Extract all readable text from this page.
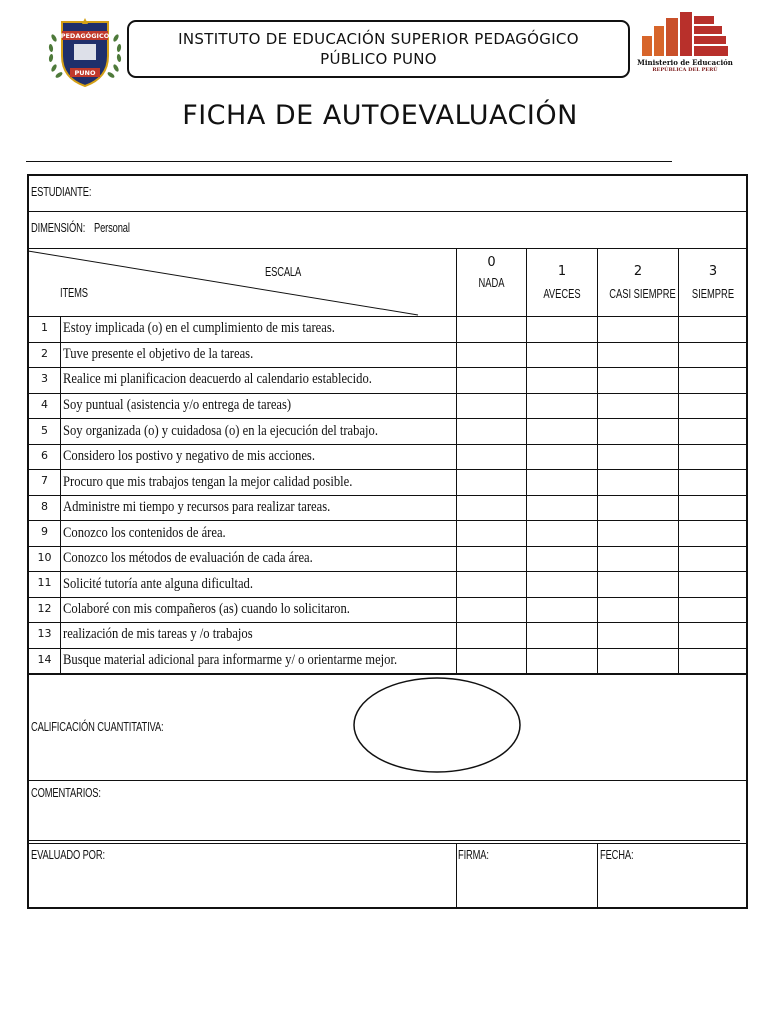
PEDAGÓGICO
PUNO
INSTITUTO DE EDUCACIÓN SUPERIOR PEDAGÓGICO
PÚBLICO PUNO	Ministerio de Educación
REPÚBLICA DEL PERÚ
FICHA DE AUTOEVALUACIÓN
ESTUDIANTE:
DIMENSIÓN: Personal
ESCALA
ITEMS
0
NADA
1
AVECES
2
CASI SIEMPRE
3
SIEMPRE
1	Estoy implicada (o) en el cumplimiento de mis tareas.
2	Tuve presente el objetivo de la tareas.
3	Realice mi planificacion deacuerdo al calendario establecido.
4	Soy puntual (asistencia y/o entrega de tareas)
5	Soy organizada (o) y cuidadosa (o) en la ejecución del trabajo.
6	Considero los postivo y negativo de mis acciones.
7	Procuro que mis trabajos tengan la mejor calidad posible.
8	Administre mi tiempo y recursos para realizar tareas.
9	Conozco los contenidos de área.
10 Conozco los métodos de evaluación de cada área.
11 Solicité tutoría ante alguna dificultad.
12 Colaboré con mis compañeros (as) cuando lo solicitaron.
13 realización de mis tareas y /o trabajos
14 Busque material adicional para informarme y/ o orientarme mejor.
CALIFICACIÓN CUANTITATIVA:
COMENTARIOS:
EVALUADO POR:	FIRMA:	FECHA:
